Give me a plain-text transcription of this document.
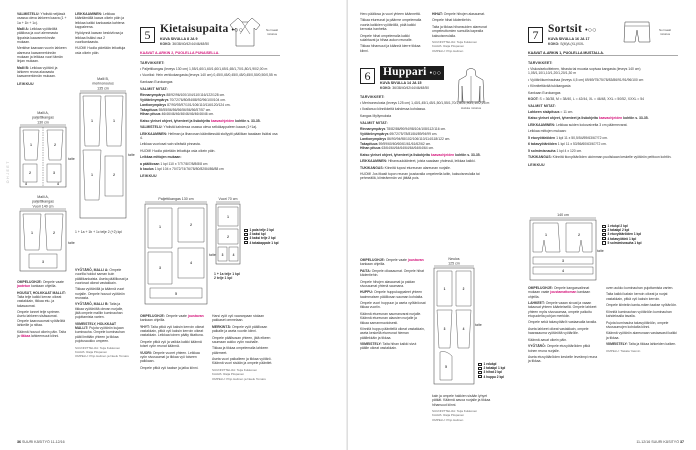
OHJEET

VALMISTELU: Yhdistä neljässä osassa oleva lahkeen kaava (1 + 1a + 1b + 1c).

Malli A: Leikkaa vyötäröltä pääliosa ja ouvi alemmasta lippaista kaavamerkinnän mukaan.

Merkitse kaavaan vuorin lahkeen alareuna kaavamerkinnän mukaan ja leikkaa vuori tämän linjan mukaan.

Malli B: Leikkaa vyötärö ja lahkeen reuna alaosasta kaavamerkinnän mukaan.

LEIKKUU
Malli A,
paljettikangas
130 cm
1	2
2	3
4	4
taite
Malli A,
paljettikangas
Vuori 140 cm
1	2
3
taite

OMPELUOHJE: Ompele vaate jaotetun kankaan ohjeilla.

HOUSUT, HOLKKAAT MALLIT: Taita telje kaikki kerran oikeat vastakkain, tikkaa etu- ja takasaumat.

Ompele lonnet telje sprimen. Asetu lahkeen sisäsaumat. Ompele kaarosaumat vyötäröltä lahkeille ja niitaa.

Käännä housut oikein päin. Taita ja tikkaa lahkeensuut kiinni.

LEIKKAAMINEN: Leikkaa kääntämällä kaava oikein päin ja leikkaa kaikki kankaasta kahtena kappaleena.

Hyödynnä kaavan keskiviivaa ja leikkaa lisäksi osa 2 vuorikankaasta.

HUOM! Huolla pidetään leikattuja osia oikein päin.

Malli B,
merinonoulus
135 cm
1	1
1	2
taite

1 + 1a + 1b + 1c telje 2 (+2) kpl

VYÖTÄRÖ, MALLI A: Ompele vuorilla hoidut saman kuin pääliikankaista. Aseta pääliikosat ja vuoriosat oikeat vastakkain.

Tikkaa vyötäröllä ja käännä vuori nurjalle. Ompele housut vyötärön reunasta.

VYÖTÄRÖ, MALLI B: Taita ja tikkaa vyötäröltä olevan nurjalle, jätä ompele malliin kuminauhan pujottamista varten.

VIIMEISTELY, HOLKKAAT MALLIT: Pujota vyötärön kujaan kuminauha. Ompele kuminauhan päät limittäin yhteen ja tikkaa pujotusaukko umpeen.

SUUNNITTELIJA: Teija Kukkonen
KAAVA: Raija Piispanen
OMPELU: Pirjo Helinen ja Neelu Tomaru

5 Kietaisupaita •○○
KUVA SIVULLA 8 JA 9
KOKO: 36/38/40/42/44/46/48/50
Normaali mitoitus
KAAVAT A-ARKIN 2, PUOLELLA PUNAISELLA.
TARVIKKEET:

• Paljettikangas (leveys 130 cm) 1,55/1,60/1,60/1,60/1,65/1,65/1,70/1,80/1,90/2,00 m

• Vuoriksi: Hein verkkokangasta (leveys 140 cm) 0,45/0,45/0,45/0,45/0,45/0,50/0,50/0,55 m

Kankaan Eurokangas

VALMIIT MITAT:

Rinnanympärys 88/92/96/100/104/110/116/122/128 cm.

Vyötärönympärys 70/72/76/80/84/88/92/96/100/104 cm.

Lantionympärys 87/90/93/97/101/106/110/116/120/124 cm.

Takapituus 55/55/56/56/56/56/56/56/57/57 cm.

Hihan pituus 46/46/46/46/46/46/46/46/46/46 cm.

Katso yleiset ohjeet, lyhenteet ja lisäohjeita kaavaohjeiden kohtiin s. 33-35.

VALMISTELU: Yhdistä kahdessa osassa oleva selkäkappaleen kaava (1+1a).

LEIKKAAMINEN: Hellman ja lihanosan kääntäessää stollyytti pääliikan taaalaan lisäksi osa 4.

Leikkaa vuoriosat vain sileästä pinnasta.

HUOM! Huolla pidetään leikattuja osia oikein päin.

Leikkaa mittojen mukaan:

a pääliiosan 1 kpl 110 x 7/7/7/8/7/8/8/8/8 cm

b kaulus 1 kpl 104 x 70/72/74/76/78/80/82/84/86/88 cm

LEIKKUU
Paljettikangas 130 cm
1	2
3
4
5
taite
Vuori 70 cm
1
2
3	4
1 pala telje 2 kpl
2 kaksi kpl
3 kaksi telje 2 kpl
4 takakappale 1 kpl

1 + 1a telje 1 kpl
2 telje 1 kpl

OMPELUOHJE: Ompele vaate joustavan kankaan ohjeilla.

YHYT: Taita pitkä vyö kaksin kerroin oikeat vastakkain, pitkä vyö kaksin kerroin oikeat vastakkain. Leikkaa toinen pääty tikattuna.

Ompele pitkä vyö ja vaikka kaikki käännä toiset vyön reunat käännä.

VUORI: Ompele vuoret yhteen. Leikkaa vyön sivusaumat ja tikkaa vyö toiseen paikkaan.

Ompele pitkä vyö taakse ja jatka kiinni.

Harsi vyöt vyö vaaranpaan stolaan pakkaset ommelaan.

MERKINTÄ: Ompele vyöt päälliosan paikalle ja aseta vuoriin kiinni.

Ompele päällsosan yhteen, jätä elkeen saumaan aukko vyön nauhalle.

Tikkaa ja tikkaa ompelemalla lahkeen päärmeet.

Aseta vuori paikalleen ja tikkaa vyötärö. Käännä vuori sisään ja ompele pääntiet.

SUUNNITTELIJA: Teija Kukkonen
KAAVA: Raija Piispanen
OMPELU: Pirjo Helinen ja Neelu Tomaru

36 SUURI KÄSITYÖ 11-12/16

Hero pääliosa ja vuori yhteen käännettä.

Tikkaa etureunat ja päärme ompelemalla vuorta kaikkien vyötäröllä, pidä kaikki kerrosta hanhetta.

Ompele hihat ompelemalla kaikki sulahtavat ja hihaa aukon reunalle.

Tikkaa hihansuut ja käännä kierre tikkaa kiinni.

HIHAT: Ompele hihojen alasaumat.

Ompele hihat kädentiehin.

Taita ja tikkaa hihansuiden alareunat ompeleuttomien sumuilla kapealla kaksoisneulalla.

SUUNNITTELIJA: Teija Kukkonen
KAAVA: Raija Piispanen
OMPELU: Pirjo Helinen

6	Huppari •○○
KUVA SIVULLA 14 JA 15
KOKO: 36/38/40/42/44/46/48/50
Hoikka mitoitus
TARVIKKEET:

• Merinoneulosta (leveys 125 cm) 1,40/1,45/1,45/1,50/1,55/1,70/1,80/1,90/2,10/2,25 m

• Ilosilanuo kiinnikkeitä kahdessa kohdassa.

Kangas Myllymuksta

VALMIIT MITAT:

Rinnanympärys 78/82/86/90/94/98/104/108/112/116 cm.

Vyötärönympärys 69/72/75/78/81/84/89/94/99 cm.

Lantionympärys 86/90/94/98/102/106/110/114/118/122 cm.

Takapituus 59/59/60/60/60/61/61/61/62/62 cm.

Hihan pituus 63/64/64/64/64/64/64/64/64/64 cm.

Katso yleiset ohjeet, lyhenteet ja lisäohjeita kaavaohjeiden kohtiin s. 33-35.

LEIKKAAMINEN: Hihansuukäänteet, joista saadaan yhdessä, leikkaa kaikki.

TUKIKANGAS: Kiinnitä tuposi etureunan alareunan nurjalle.

HUOM! Jos itkasit tupon reunan joustavalla ompeleella laitin, kaksoisneulalla tai pehmeällä, kiinteämmän voi jättää pois.

OMPELUOHJE: Ompele vaate joustavan kankaan ohjeilla.

PAITA: Ompele olkasaumat. Ompele hihat kädentiehin.

Ompele hihojen alasaumat ja paidan sivusaumat yhtenä saumana.

HUPPU: Ompele huppukappaleet yhteen taaimmaisen pääliiosan sauman kohdalta.

Ompele vuori huppuun ja aseta vyötäröosat tikkaa vuoriin.

Käännä etureunan saumanvarat nurjalle. Käännä etureunan alaosien nurjalle ja tikkaa samanmuotoisesti.

Kiinnitä huppu pääntiellä oikeat vastakkain, aseta keskellä etureunat hieman päällekkäin ja tikkaa.

VIIMEISTELY: Taita hihan kaikki sivut päälle oikeat vastakkain.

Neulos
125 cm
1	2
3	4
5
taite
1 edukpl
2 takakpl 1 kpl
3 hihat 2 kpl
4 huppu 2 kpl

kain ja ompele hakkien sisään lyhyet pätkät. Käännä aavoa nurjalle ja tikkaa hihansuut kiinni.

SUUNNITTELIJA: Teija Kukkonen
KAAVA: Raija Piispanen
OMPELU: Pirjo Helinen

7 Sortsit •○○
KUVA SIVULLA 16 JA 17
KOKO: S(M)/L(XL)/XXL
Normaali mitoitus
KAAVAT A-ARKIN 1, PUOLELLA MUSTALLA.
TARVIKKEET:

• Viskosisekoitteinen, hihasta tai muusta sopivaa kangasta (leveys 140 cm) 1,05/1,10/1,10/1,20/1,20/1,30 m

• Vyötärökuminauhaa (leveys 4,5 cm) 69/69/75/75/78/83/86/91/91/96/100 cm

• Kiinnitettävää tukikangasta

Kankaan Eurokangas

KOOT: S = 36/38, M = 38/40, L = 42/44, XL = 46/48, XXL = 50/52, XXXL = 54

VALMIIT MITAT:

Lahkeen sisäpituus = 11 cm.

Katso yleiset ohjeet, lyhenteet ja lisäohjeita kaavaohjeiden kohtiin s. 33-35.

LEIKKAAMINEN: Leikkaa suiden kokovaivelta 3 cm päärmevarat.

Leikkaa mittojen mukaan:

5 etuvyötäröiden 1 kpl 11 x 50,5/54/59/63/67/72 cm.

6 takavyötäröiden 1 kpl 11 x 53/56/60/63/67/72 cm.

5 solmimisnauha 1 kpl 4 x 120 cm.

TUKIKANGAS: Kiinnitä tkovyötäröiden uloimman puoliskaan keskelle vyötärön peittoon kohtiin.

LEIKKUU
140 cm
1	2
3
4
taite
1 etukpl 2 kpl
2 takakpl 2 kpl
3 etuvyötäröiden 1 kpl
4 takavyötärö 1 kpl
5 solmimisnauha 1 kpl

OMPELUOHJE: Ompele kangasvalinnat mukaan vaate joustamattoman kankaan ohjeilla.

LAHKEET: Ompele vaaan sivuat ja vaaan takaosat yhteen käänteisellä. Ompele lahkeet yhteen myös sivusaumaa, ompele paikoitu etupuolelta pohjan merkkiin.

Ompele sekä takavyötäröt vastaavalla tavalla.

Aseta lahkeet oikeat vastakkain, ompele haarasauma vyötäröltä vyötärölle.

Käännä aavat oikein päin.

VYÖTÄRÖ: Ompele etuvyötäröiden pitkä toinen reuna nurjalle.

Aseta etuvyötäröiden keskelle leveämpi reuna ja tikkaa.

oven aukko kuminauhan pujottamista varten.

Taita kaikki kaksin kerroin oikeat ja nurjat vastakkain, pitkä vyö kaksin kerroin.

Ompele kiinteän kanta-mäen taakse vyötäröön.

Kiinnitä kuminauhan vyötäröön kuminauhan kahdeksalla tavalla.

Pujota kuminauha takavyötäröön, ompele sivusaumojen kohdalta kiinni.

Käännä vyötärön alareunaan vastaavasti kaikki ja tikkaa.

VIIMEISTELY: Taita ja tikkaa lahkeiden kaiken.

OMPELU: Tiskala Yasmin

11-12/16 SUURI KÄSITYÖ 37
